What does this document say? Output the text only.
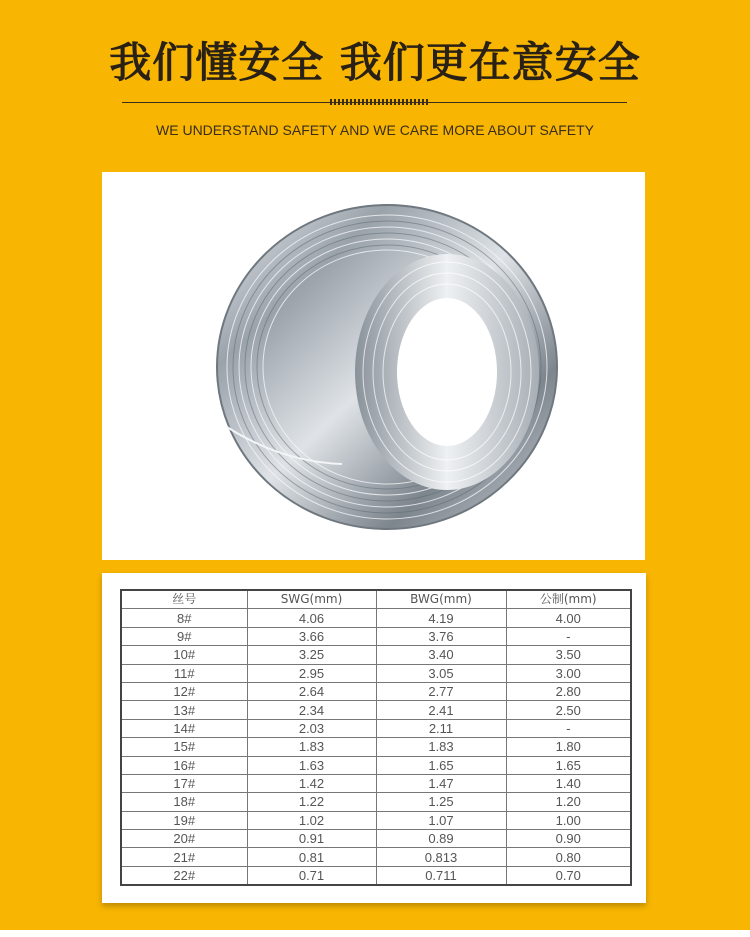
我们懂安全 我们更在意安全
WE UNDERSTAND SAFETY AND WE CARE MORE ABOUT SAFETY
丝号	SWG(mm)	BWG(mm)	公制(mm)
8#	4.06	4.19	4.00
9#	3.66	3.76	-
10#	3.25	3.40	3.50
11#	2.95	3.05	3.00
12#	2.64	2.77	2.80
13#	2.34	2.41	2.50
14#	2.03	2.11	-
15#	1.83	1.83	1.80
16#	1.63	1.65	1.65
17#	1.42	1.47	1.40
18#	1.22	1.25	1.20
19#	1.02	1.07	1.00
20#	0.91	0.89	0.90
21#	0.81	0.813	0.80
22#	0.71	0.711	0.70
